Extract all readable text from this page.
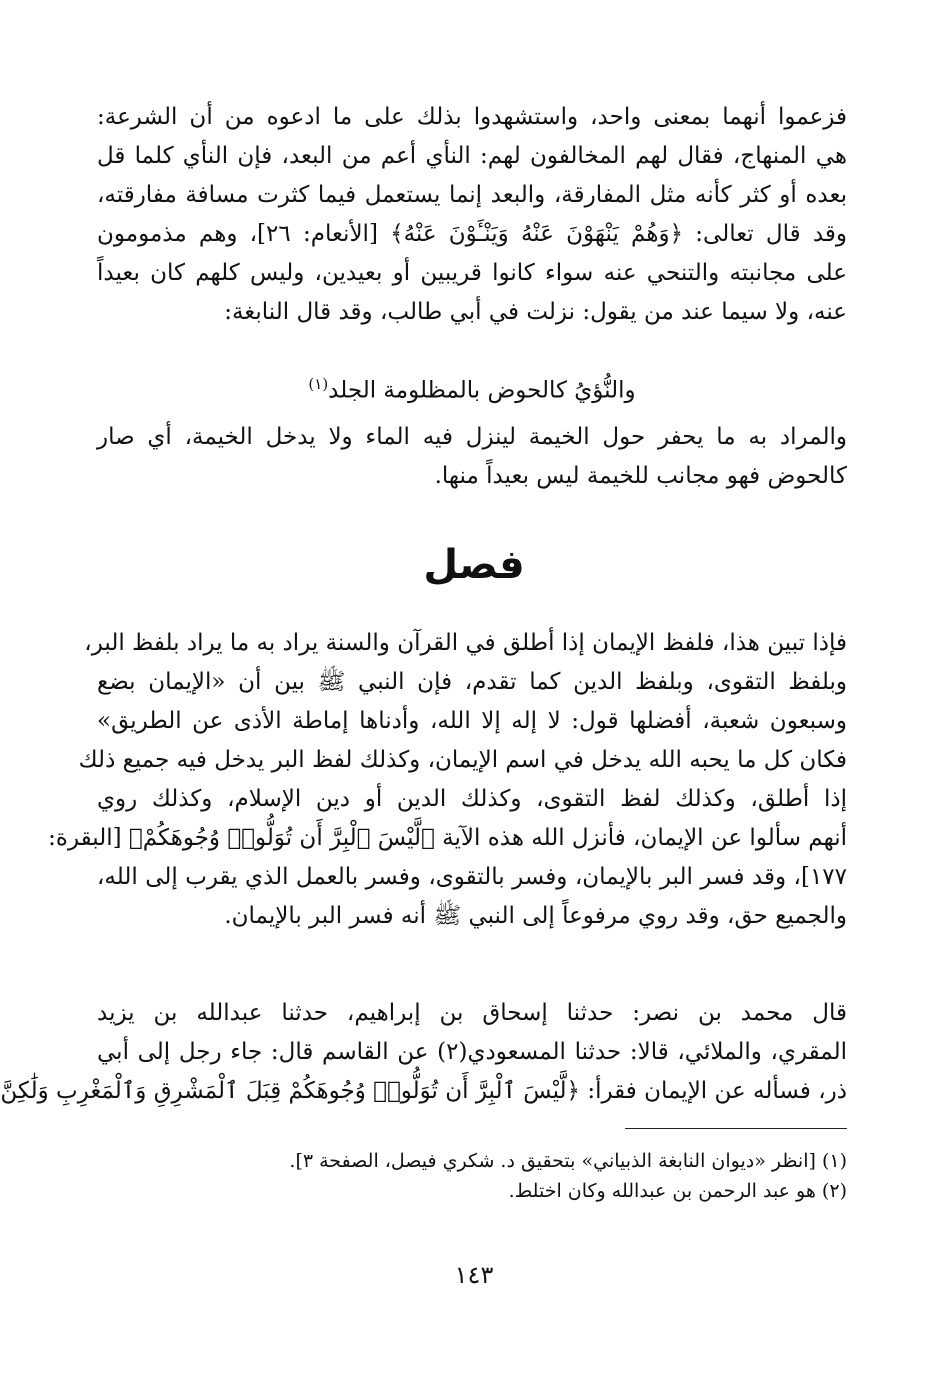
فزعموا أنهما بمعنى واحد، واستشهدوا بذلك على ما ادعوه من أن الشرعة:
هي المنهاج، فقال لهم المخالفون لهم: النأي أعم من البعد، فإن النأي كلما قل
بعده أو كثر كأنه مثل المفارقة، والبعد إنما يستعمل فيما كثرت مسافة مفارقته،
وقد قال تعالى: ﴿وَهُمْ يَنْهَوْنَ عَنْهُ وَيَنْـَٔوْنَ عَنْهُ﴾ [الأنعام: ٢٦]، وهم مذمومون
على مجانبته والتنحي عنه سواء كانوا قريبين أو بعيدين، وليس كلهم كان بعيداً
عنه، ولا سيما عند من يقول: نزلت في أبي طالب، وقد قال النابغة:
والنُّؤيُ كالحوض بالمظلومة الجلد$^{(١)}$
والمراد به ما يحفر حول الخيمة لينزل فيه الماء ولا يدخل الخيمة، أي صار
كالحوض فهو مجانب للخيمة ليس بعيداً منها.
فصل
فإذا تبين هذا، فلفظ الإيمان إذا أطلق في القرآن والسنة يراد به ما يراد بلفظ البر،
وبلفظ التقوى، وبلفظ الدين كما تقدم، فإن النبي ﷺ بين أن «الإيمان بضع
وسبعون شعبة، أفضلها قول: لا إله إلا الله، وأدناها إماطة الأذى عن الطريق»
فكان كل ما يحبه الله يدخل في اسم الإيمان، وكذلك لفظ البر يدخل فيه جميع ذلك
إذا أطلق، وكذلك لفظ التقوى، وكذلك الدين أو دين الإسلام، وكذلك روي
أنهم سألوا عن الإيمان، فأنزل الله هذه الآية ﴿لَّيْسَ ٱلْبِرَّ أَن تُوَلُّوا۟ وُجُوهَكُمْ﴾ [البقرة:
١٧٧]، وقد فسر البر بالإيمان، وفسر بالتقوى، وفسر بالعمل الذي يقرب إلى الله،
والجميع حق، وقد روي مرفوعاً إلى النبي ﷺ أنه فسر البر بالإيمان.
قال محمد بن نصر: حدثنا إسحاق بن إبراهيم، حدثنا عبدالله بن يزيد
المقري، والملائي، قالا: حدثنا المسعودي(٢) عن القاسم قال: جاء رجل إلى أبي
ذر، فسأله عن الإيمان فقرأ: ﴿لَّيْسَ ٱلْبِرَّ أَن تُوَلُّوا۟ وُجُوهَكُمْ قِبَلَ ٱلْمَشْرِقِ وَٱلْمَغْرِبِ وَلَٰكِنَّ
(١) [انظر «ديوان النابغة الذبياني» بتحقيق د. شكري فيصل، الصفحة ٣].
(٢) هو عبد الرحمن بن عبدالله وكان اختلط.
١٤٣
